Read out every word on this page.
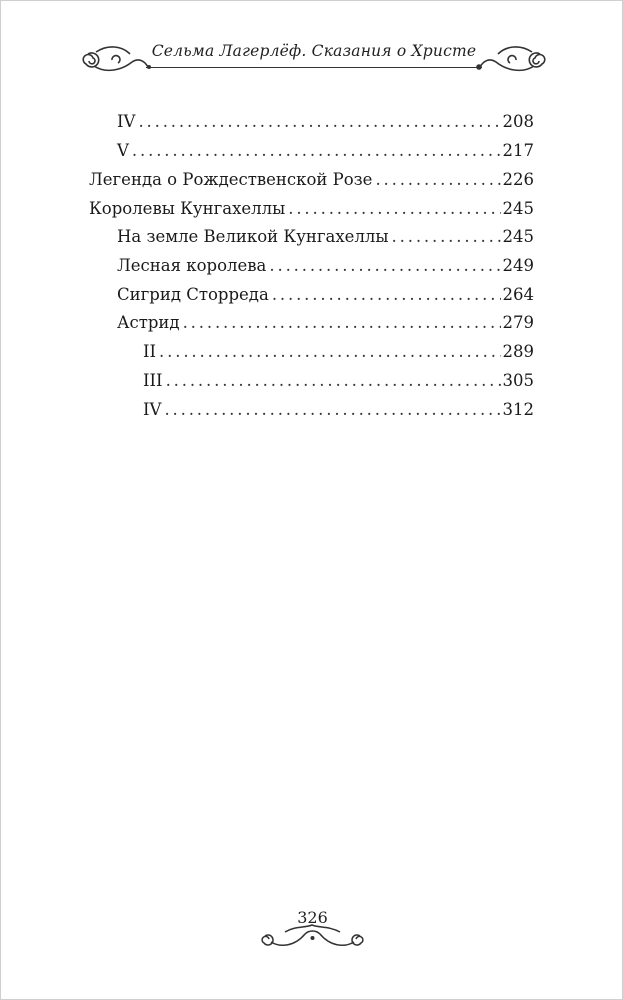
Сельма Лагерлёф. Сказания о Христе
IV . . .	208
V . . .	217
Легенда о Рождественской Розе . . .	226
Королевы Кунгахеллы . . .	245
На земле Великой Кунгахеллы . . .	245
Лесная королева . . .	249
Сигрид Сторреда . . .	264
Астрид . . .	279
II . . .	289
III . . .	305
IV . . .	312
326
